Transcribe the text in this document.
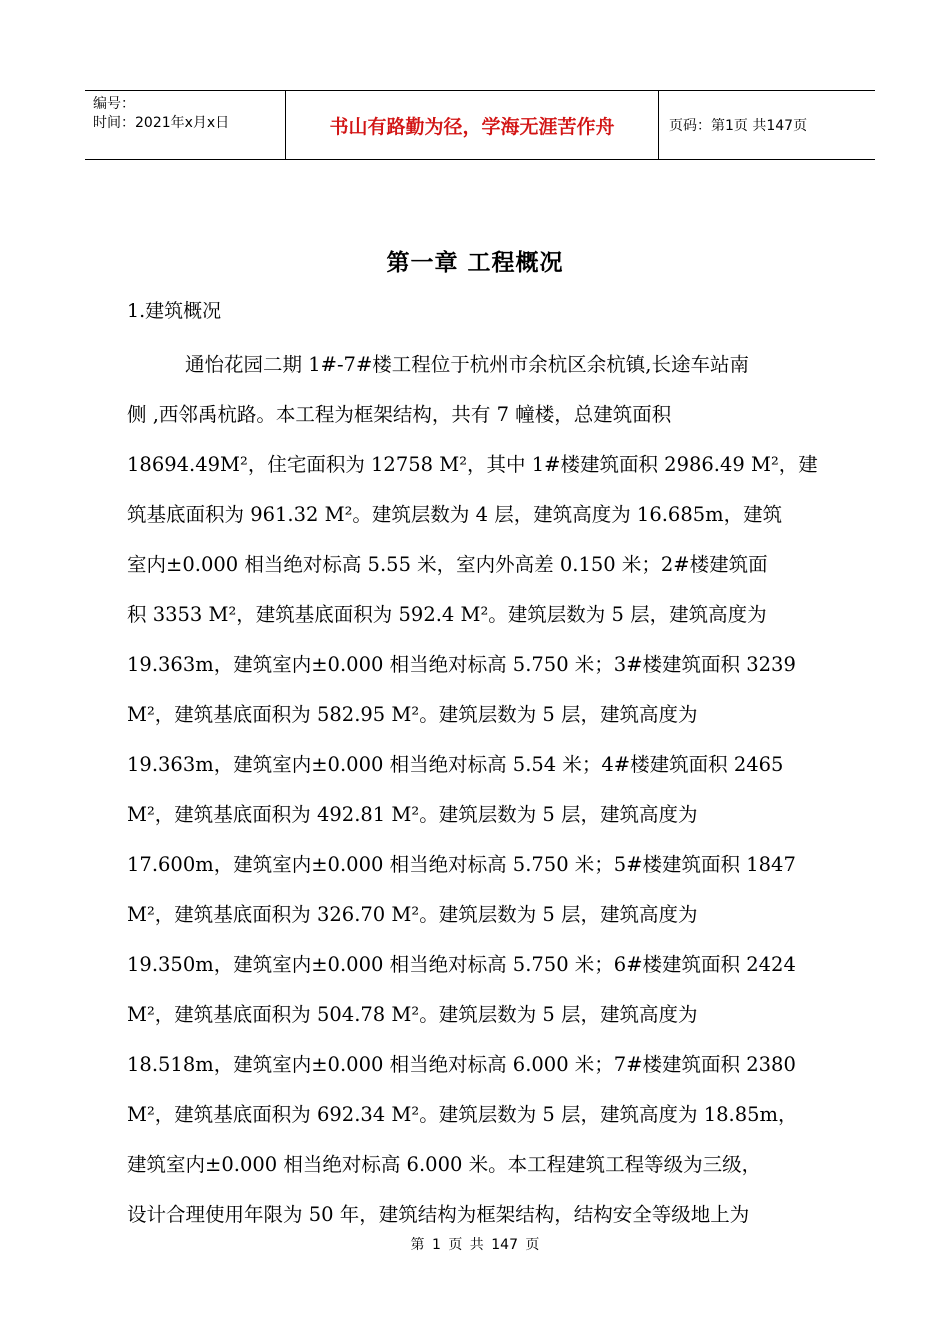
编号：
时间：2021年x月x日	书山有路勤为径，学海无涯苦作舟	页码：第1页 共147页
第一章 工程概况
1.建筑概况
通怡花园二期 1#-7#楼工程位于杭州市余杭区余杭镇,长途车站南
侧 ,西邻禹杭路。本工程为框架结构，共有 7 幢楼，总建筑面积
18694.49M²，住宅面积为 12758 M²，其中 1#楼建筑面积 2986.49 M²，建
筑基底面积为 961.32 M²。建筑层数为 4 层，建筑高度为 16.685m，建筑
室内±0.000 相当绝对标高 5.55 米，室内外高差 0.150 米；2#楼建筑面
积 3353 M²，建筑基底面积为 592.4 M²。建筑层数为 5 层，建筑高度为
19.363m，建筑室内±0.000 相当绝对标高 5.750 米；3#楼建筑面积 3239
M²，建筑基底面积为 582.95 M²。建筑层数为 5 层，建筑高度为
19.363m，建筑室内±0.000 相当绝对标高 5.54 米；4#楼建筑面积 2465
M²，建筑基底面积为 492.81 M²。建筑层数为 5 层，建筑高度为
17.600m，建筑室内±0.000 相当绝对标高 5.750 米；5#楼建筑面积 1847
M²，建筑基底面积为 326.70 M²。建筑层数为 5 层，建筑高度为
19.350m，建筑室内±0.000 相当绝对标高 5.750 米；6#楼建筑面积 2424
M²，建筑基底面积为 504.78 M²。建筑层数为 5 层，建筑高度为
18.518m，建筑室内±0.000 相当绝对标高 6.000 米；7#楼建筑面积 2380
M²，建筑基底面积为 692.34 M²。建筑层数为 5 层，建筑高度为 18.85m，
建筑室内±0.000 相当绝对标高 6.000 米。本工程建筑工程等级为三级，
设计合理使用年限为 50 年，建筑结构为框架结构，结构安全等级地上为
第 1 页 共 147 页
